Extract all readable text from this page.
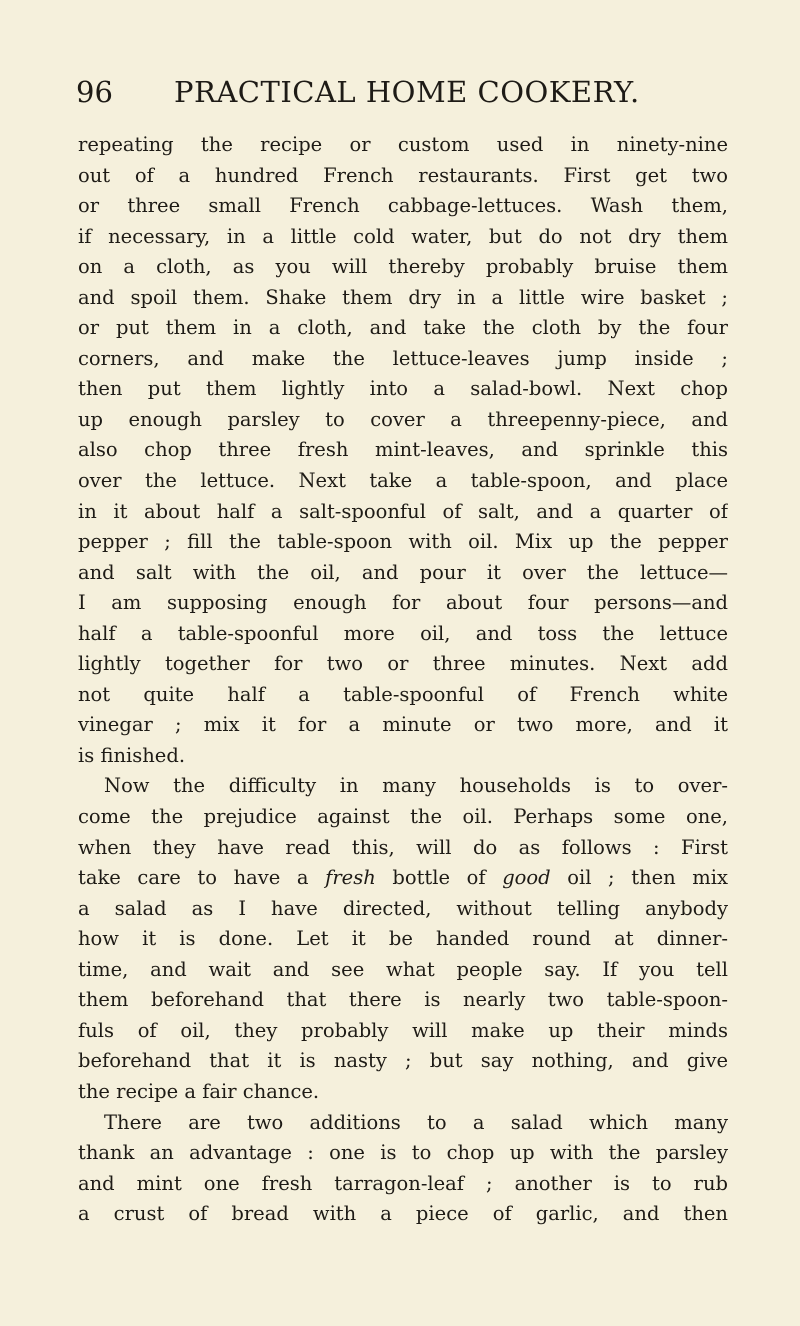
96 PRACTICAL HOME COOKERY.
repeating the recipe or custom used in ninety-nine
out of a hundred French restaurants. First get two
or three small French cabbage-lettuces. Wash them,
if necessary, in a little cold water, but do not dry them
on a cloth, as you will thereby probably bruise them
and spoil them. Shake them dry in a little wire basket ;
or put them in a cloth, and take the cloth by the four
corners, and make the lettuce-leaves jump inside ;
then put them lightly into a salad-bowl. Next chop
up enough parsley to cover a threepenny-piece, and
also chop three fresh mint-leaves, and sprinkle this
over the lettuce. Next take a table-spoon, and place
in it about half a salt-spoonful of salt, and a quarter of
pepper ; fill the table-spoon with oil. Mix up the pepper
and salt with the oil, and pour it over the lettuce—
I am supposing enough for about four persons—and
half a table-spoonful more oil, and toss the lettuce
lightly together for two or three minutes. Next add
not quite half a table-spoonful of French white
vinegar ; mix it for a minute or two more, and it
is finished.
Now the difficulty in many households is to over-
come the prejudice against the oil. Perhaps some one,
when they have read this, will do as follows : First
take care to have a fresh bottle of good oil ; then mix
a salad as I have directed, without telling anybody
how it is done. Let it be handed round at dinner-
time, and wait and see what people say. If you tell
them beforehand that there is nearly two table-spoon-
fuls of oil, they probably will make up their minds
beforehand that it is nasty ; but say nothing, and give
the recipe a fair chance.
There are two additions to a salad which many
thank an advantage : one is to chop up with the parsley
and mint one fresh tarragon-leaf ; another is to rub
a crust of bread with a piece of garlic, and then
